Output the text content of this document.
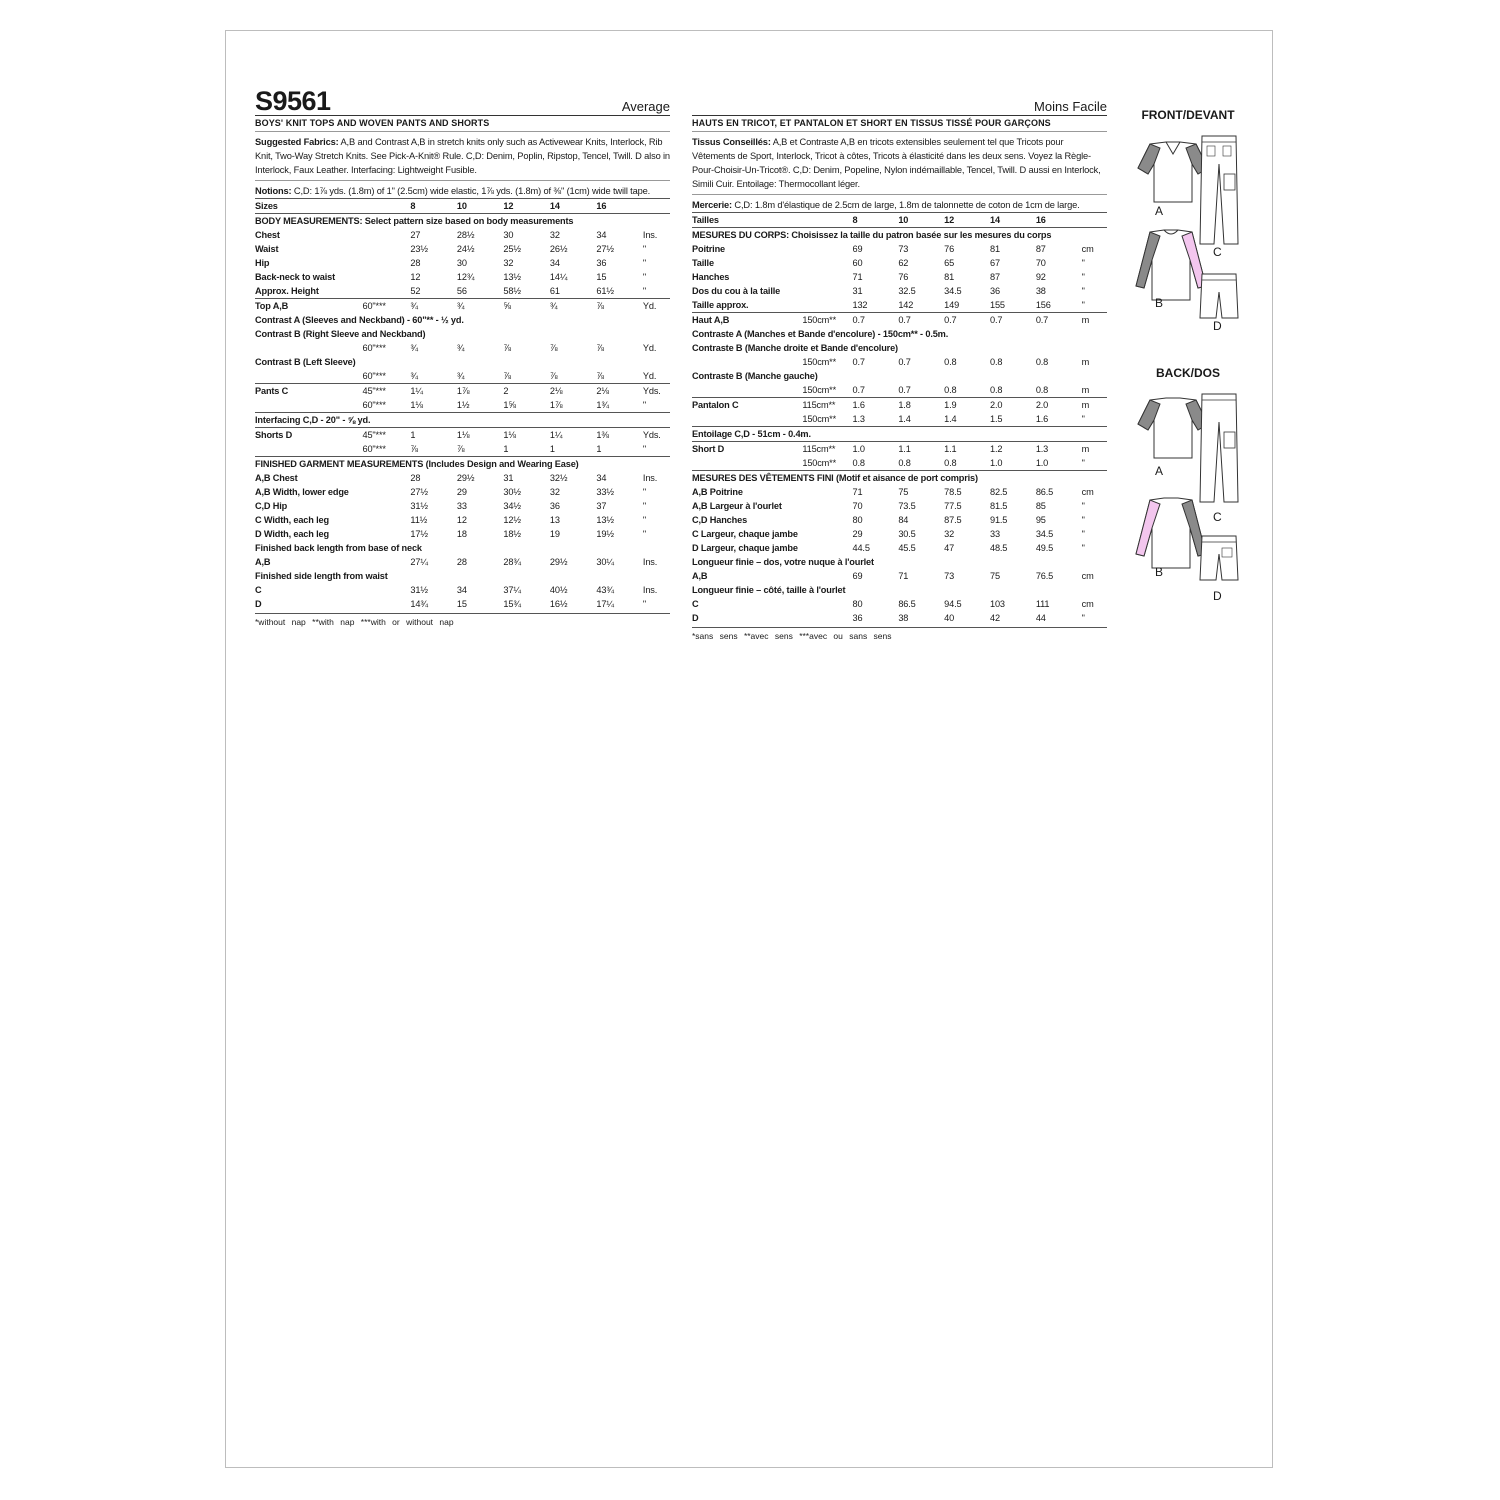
S9561	Average
BOYS' KNIT TOPS AND WOVEN PANTS AND SHORTS
Suggested Fabrics: A,B and Contrast A,B in stretch knits only such as Activewear Knits, Interlock, Rib Knit, Two-Way Stretch Knits. See Pick-A-Knit® Rule. C,D: Denim, Poplin, Ripstop, Tencel, Twill. D also in Interlock, Faux Leather. Interfacing: Lightweight Fusible.
Notions: C,D: 1⅞ yds. (1.8m) of 1" (2.5cm) wide elastic, 1⅞ yds. (1.8m) of ⅜" (1cm) wide twill tape.
Sizes		8	10	12	14	16	
BODY MEASUREMENTS: Select pattern size based on body measurements							
Chest		27	28½	30	32	34	Ins.
Waist		23½	24½	25½	26½	27½	"
Hip		28	30	32	34	36	"
Back-neck to waist		12	12¾	13½	14¼	15	"
Approx. Height		52	56	58½	61	61½	"
Top A,B	60"***	¾	¾	⅝	¾	⅞	Yd.
Contrast A (Sleeves and Neckband) - 60"** - ½ yd.							
Contrast B (Right Sleeve and Neckband)							
	60"***	¾	¾	⅞	⅞	⅞	Yd.
Contrast B (Left Sleeve)							
	60"***	¾	¾	⅞	⅞	⅞	Yd.
Pants C	45"***	1¼	1⅞	2	2⅛	2⅛	Yds.
	60"***	1⅛	1½	1⅝	1⅞	1¾	"
Interfacing C,D - 20" - ⅝ yd.							
Shorts D	45"***	1	1⅛	1⅛	1¼	1⅜	Yds.
	60"***	⅞	⅞	1	1	1	"
FINISHED GARMENT MEASUREMENTS (Includes Design and Wearing Ease)							
A,B Chest		28	29½	31	32½	34	Ins.
A,B Width, lower edge		27½	29	30½	32	33½	"
C,D Hip		31½	33	34½	36	37	"
C Width, each leg		11½	12	12½	13	13½	"
D Width, each leg		17½	18	18½	19	19½	"
Finished back length from base of neck							
A,B		27¼	28	28¾	29½	30¼	Ins.
Finished side length from waist							
C		31½	34	37¼	40½	43¾	Ins.
D		14¾	15	15¾	16½	17¼	"
*without nap **with nap ***with or without nap
Moins Facile
HAUTS EN TRICOT, ET PANTALON ET SHORT EN TISSUS TISSÉ POUR GARÇONS
Tissus Conseillés: A,B et Contraste A,B en tricots extensibles seulement tel que Tricots pour Vêtements de Sport, Interlock, Tricot à côtes, Tricots à élasticité dans les deux sens. Voyez la Règle-Pour-Choisir-Un-Tricot®. C,D: Denim, Popeline, Nylon indémaillable, Tencel, Twill. D aussi en Interlock, Simili Cuir. Entoilage: Thermocollant léger.
Mercerie: C,D: 1.8m d'élastique de 2.5cm de large, 1.8m de talonnette de coton de 1cm de large.
Tailles		8	10	12	14	16	
MESURES DU CORPS: Choisissez la taille du patron basée sur les mesures du corps							
Poitrine		69	73	76	81	87	cm
Taille		60	62	65	67	70	"
Hanches		71	76	81	87	92	"
Dos du cou à la taille		31	32.5	34.5	36	38	"
Taille approx.		132	142	149	155	156	"
Haut A,B	150cm**	0.7	0.7	0.7	0.7	0.7	m
Contraste A (Manches et Bande d'encolure) - 150cm** - 0.5m.							
Contraste B (Manche droite et Bande d'encolure)							
	150cm**	0.7	0.7	0.8	0.8	0.8	m
Contraste B (Manche gauche)							
	150cm**	0.7	0.7	0.8	0.8	0.8	m
Pantalon C	115cm**	1.6	1.8	1.9	2.0	2.0	m
	150cm**	1.3	1.4	1.4	1.5	1.6	"
Entoilage C,D - 51cm - 0.4m.							
Short D	115cm**	1.0	1.1	1.1	1.2	1.3	m
	150cm**	0.8	0.8	0.8	1.0	1.0	"
MESURES DES VÊTEMENTS FINI (Motif et aisance de port compris)							
A,B Poitrine		71	75	78.5	82.5	86.5	cm
A,B Largeur à l'ourlet		70	73.5	77.5	81.5	85	"
C,D Hanches		80	84	87.5	91.5	95	"
C Largeur, chaque jambe		29	30.5	32	33	34.5	"
D Largeur, chaque jambe		44.5	45.5	47	48.5	49.5	"
Longueur finie – dos, votre nuque à l'ourlet							
A,B		69	71	73	75	76.5	cm
Longueur finie – côté, taille à l'ourlet							
C		80	86.5	94.5	103	111	cm
D		36	38	40	42	44	"
*sans sens **avec sens ***avec ou sans sens
FRONT/DEVANT
BACK/DOS
A
C
B
D
A
C
B
D
